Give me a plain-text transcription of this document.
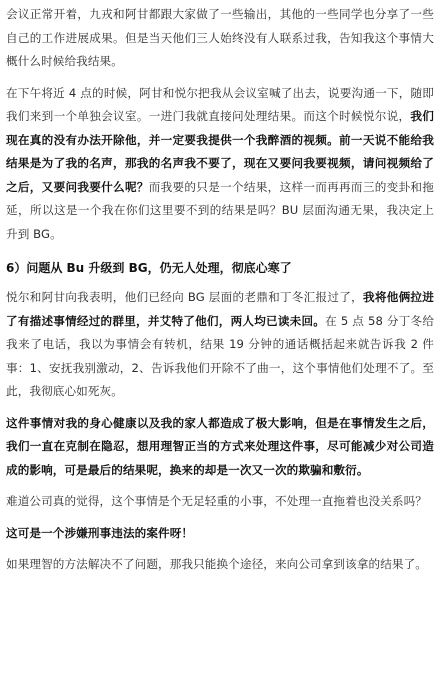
会议正常开着，九戎和阿甘都跟大家做了一些输出，其他的一些同学也分享了一些自己的工作进展成果。但是当天他们三人始终没有人联系过我，告知我这个事情大概什么时候给我结果。

在下午将近 4 点的时候，阿甘和悦尔把我从会议室喊了出去，说要沟通一下，随即我们来到一个单独会议室。一进门我就直接问处理结果。而这个时候悦尔说，我们现在真的没有办法开除他，并一定要我提供一个我醉酒的视频。前一天说不能给我结果是为了我的名声，那我的名声我不要了，现在又要问我要视频，请问视频给了之后，又要问我要什么呢？而我要的只是一个结果，这样一而再再而三的变卦和拖延，所以这是一个我在你们这里要不到的结果是吗？BU 层面沟通无果，我决定上升到 BG。

6）问题从 Bu 升级到 BG，仍无人处理，彻底心寒了

悦尔和阿甘向我表明，他们已经向 BG 层面的老鼎和丁冬汇报过了，我将他俩拉进了有描述事情经过的群里，并艾特了他们，两人均已读未回。在 5 点 58 分丁冬给我来了电话，我以为事情会有转机，结果 19 分钟的通话概括起来就告诉我 2 件事：1、安抚我别激动，2、告诉我他们开除不了曲一，这个事情他们处理不了。至此，我彻底心如死灰。

这件事情对我的身心健康以及我的家人都造成了极大影响，但是在事情发生之后，我们一直在克制在隐忍，想用理智正当的方式来处理这件事，尽可能减少对公司造成的影响，可是最后的结果呢，换来的却是一次又一次的欺骗和敷衍。

难道公司真的觉得，这个事情是个无足轻重的小事，不处理一直拖着也没关系吗？

这可是一个涉嫌刑事违法的案件呀！

如果理智的方法解决不了问题，那我只能换个途径，来向公司拿到该拿的结果了。
